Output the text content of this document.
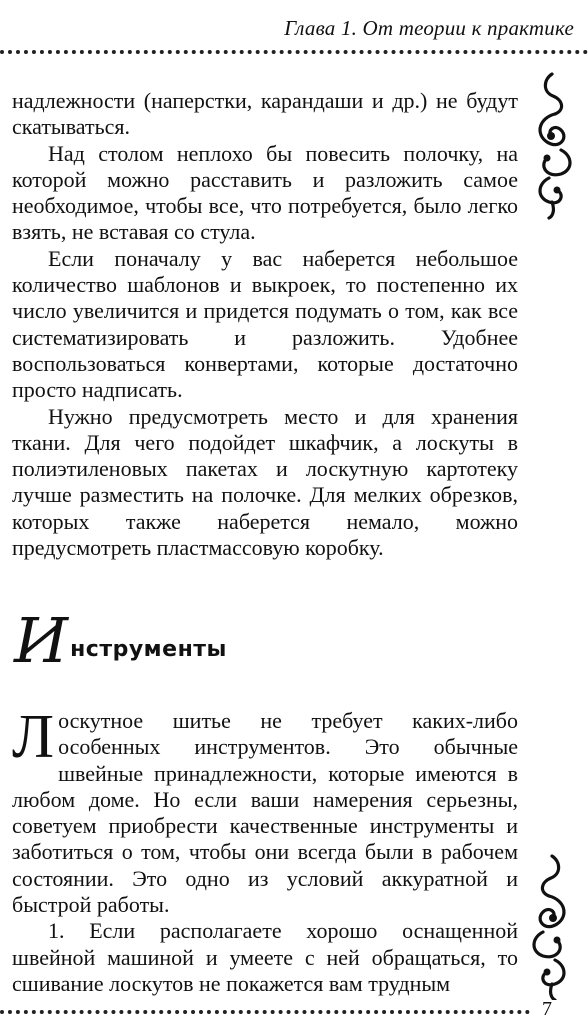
Глава 1. От теории к практике

надлежности (наперстки, карандаши и др.) не будут скатываться.

Над столом неплохо бы повесить полочку, на которой можно расставить и разложить самое необходимое, чтобы все, что потребуется, было легко взять, не вставая со стула.

Если поначалу у вас наберется небольшое количество шаблонов и выкроек, то постепенно их число увеличится и придется подумать о том, как все систематизировать и разложить. Удобнее воспользоваться конвертами, которые достаточно просто надписать.

Нужно предусмотреть место и для хранения ткани. Для чего подойдет шкафчик, а лоскуты в полиэтиленовых пакетах и лоскутную картотеку лучше разместить на полочке. Для мелких обрезков, которых также наберется немало, можно предусмотреть пластмассовую коробку.

И нструменты
Л оскутное шитье не требует каких-либо особенных инструментов. Это обычные швейные принадлежности, которые имеются в любом доме. Но если ваши намерения серьезны, советуем приобрести качественные инструменты и заботиться о том, чтобы они всегда были в рабочем состоянии. Это одно из условий аккуратной и быстрой работы.

1. Если располагаете хорошо оснащенной швейной машиной и умеете с ней обращаться, то сшивание лоскутов не покажется вам трудным

7
